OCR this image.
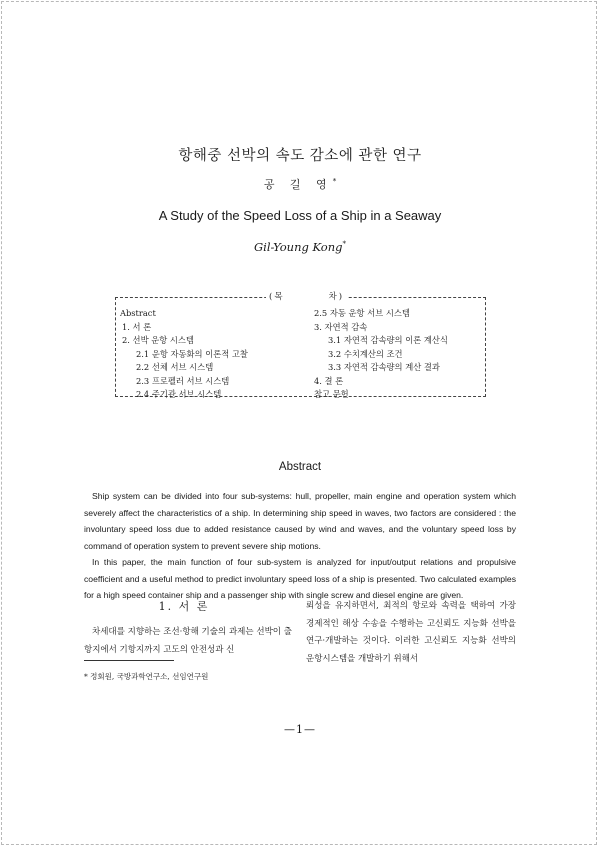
항해중 선박의 속도 감소에 관한 연구
공 길 영*
A Study of the Speed Loss of a Ship in a Seaway
Gil-Young Kong*
(목	차)
Abstract
1. 서 론
2. 선박 운항 시스템
2.1 운항 자동화의 이론적 고찰
2.2 선체 서브 시스템
2.3 프로펠러 서브 시스템
2.4 주기관 서브 시스템
2.5 자동 운항 서브 시스템
3. 자연적 감속
3.1 자연적 감속량의 이론 계산식
3.2 수치계산의 조건
3.3 자연적 감속량의 계산 결과
4. 결 론
참고 문헌
Abstract

Ship system can be divided into four sub-systems: hull, propeller, main engine and operation system which severely affect the characteristics of a ship. In determining ship speed in waves, two factors are considered : the involuntary speed loss due to added resistance caused by wind and waves, and the voluntary speed loss by command of operation system to prevent severe ship motions.

In this paper, the main function of four sub-system is analyzed for input/output relations and propulsive coefficient and a useful method to predict involuntary speed loss of a ship is presented. Two calculated examples for a high speed container ship and a passenger ship with single screw and diesel engine are given.

1. 서 론

차세대를 지향하는 조선·항해 기술의 과제는 선박이 출항지에서 기항지까지 고도의 안전성과 신

뢰성을 유지하면서, 최적의 항로와 속력을 택하여 가장 경제적인 해상 수송을 수행하는 고신뢰도 지능화 선박을 연구·개발하는 것이다. 이러한 고신뢰도 지능화 선박의 운항시스템을 개발하기 위해서

* 정회원, 국방과학연구소, 선임연구원
—1—
